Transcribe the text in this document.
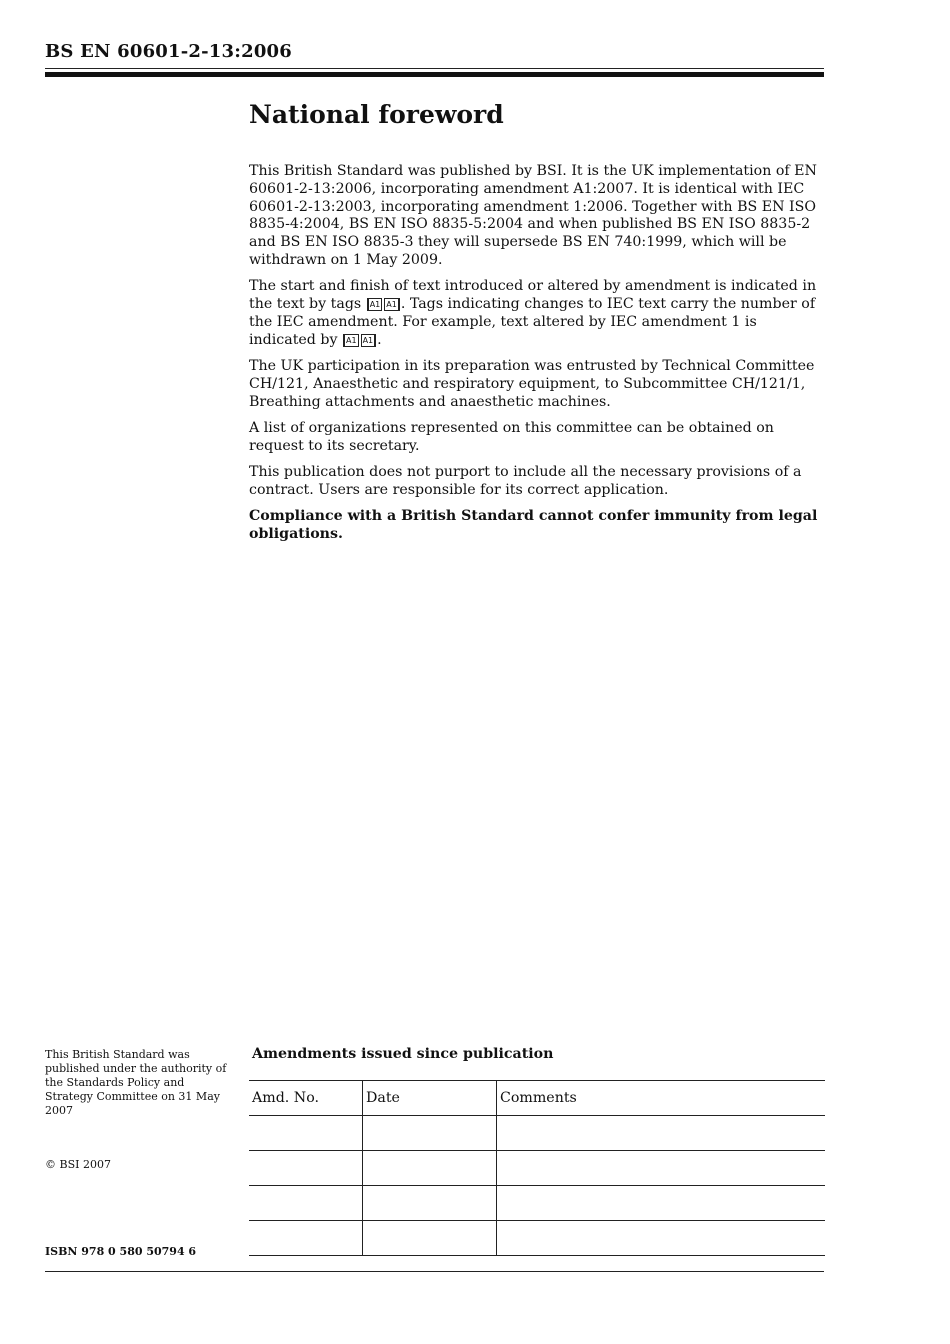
BS EN 60601-2-13:2006
National foreword

This British Standard was published by BSI. It is the UK implementation of EN 60601-2-13:2006, incorporating amendment A1:2007. It is identical with IEC 60601-2-13:2003, incorporating amendment 1:2006. Together with BS EN ISO 8835-4:2004, BS EN ISO 8835-5:2004 and when published BS EN ISO 8835-2 and BS EN ISO 8835-3 they will supersede BS EN 740:1999, which will be withdrawn on 1 May 2009.

The start and finish of text introduced or altered by amendment is indicated in the text by tags A1 A1 . Tags indicating changes to IEC text carry the number of the IEC amendment. For example, text altered by IEC amendment 1 is indicated by A1 A1 .

The UK participation in its preparation was entrusted by Technical Committee CH/121, Anaesthetic and respiratory equipment, to Subcommittee CH/121/1, Breathing attachments and anaesthetic machines.

A list of organizations represented on this committee can be obtained on request to its secretary.

This publication does not purport to include all the necessary provisions of a contract. Users are responsible for its correct application.

Compliance with a British Standard cannot confer immunity from legal obligations.

This British Standard was published under the authority of the Standards Policy and Strategy Committee on 31 May 2007
© BSI 2007
ISBN 978 0 580 50794 6
Amendments issued since publication
Amd. No.	Date	Comments
